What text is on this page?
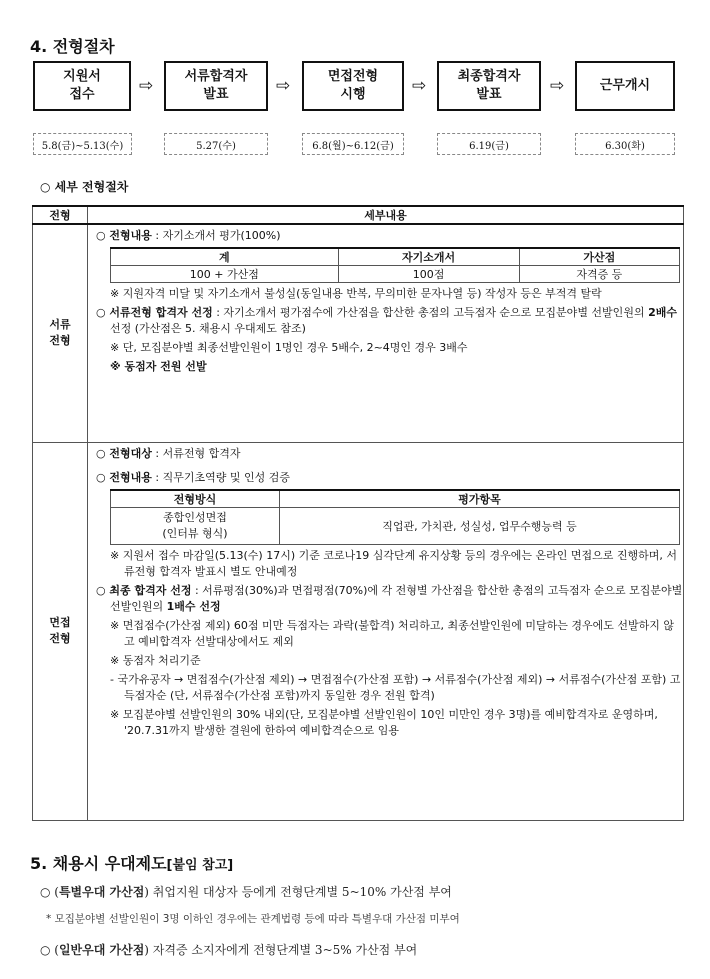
4. 전형절차
지원서
접수	⇨	서류합격자
발표	⇨	면접전형
시행	⇨	최종합격자
발표	⇨	근무개시
5.8(금)~5.13(수)	5.27(수)	6.8(월)~6.12(금)	6.19(금)	6.30(화)
○ 세부 전형절차
전형	세부내용
서류
전형	
○ 전형내용 : 자기소개서 평가(100%)
계	자기소개서	가산점
100 + 가산점	100점	자격증 등
※ 지원자격 미달 및 자기소개서 불성실(동일내용 반복, 무의미한 문자나열 등) 작성자 등은 부적격 탈락
○ 서류전형 합격자 선정 : 자기소개서 평가점수에 가산점을 합산한 총점의 고득점자 순으로 모집분야별 선발인원의 2배수 선정 (가산점은 5. 채용시 우대제도 참조)
※ 단, 모집분야별 최종선발인원이 1명인 경우 5배수, 2~4명인 경우 3배수
※ 동점자 전원 선발

면접
전형	
○ 전형대상 : 서류전형 합격자
○ 전형내용 : 직무기초역량 및 인성 검증
전형방식	평가항목
종합인성면접
(인터뷰 형식)	직업관, 가치관, 성실성, 업무수행능력 등
※ 지원서 접수 마감일(5.13(수) 17시) 기준 코로나19 심각단계 유지상황 등의 경우에는 온라인 면접으로 진행하며, 서류전형 합격자 발표시 별도 안내예정
○ 최종 합격자 선정 : 서류평점(30%)과 면접평점(70%)에 각 전형별 가산점을 합산한 총점의 고득점자 순으로 모집분야별 선발인원의 1배수 선정
※ 면접점수(가산점 제외) 60점 미만 득점자는 과락(불합격) 처리하고, 최종선발인원에 미달하는 경우에도 선발하지 않고 예비합격자 선발대상에서도 제외
※ 동점자 처리기준
- 국가유공자 → 면접점수(가산점 제외) → 면접점수(가산점 포함) → 서류점수(가산점 제외) → 서류점수(가산점 포함) 고득점자순 (단, 서류점수(가산점 포함)까지 동일한 경우 전원 합격)
※ 모집분야별 선발인원의 30% 내외(단, 모집분야별 선발인원이 10인 미만인 경우 3명)를 예비합격자로 운영하며, '20.7.31까지 발생한 결원에 한하여 예비합격순으로 임용
5. 채용시 우대제도[붙임 참고]
○ (특별우대 가산점) 취업지원 대상자 등에게 전형단계별 5~10% 가산점 부여
* 모집분야별 선발인원이 3명 이하인 경우에는 관계법령 등에 따라 특별우대 가산점 미부여
○ (일반우대 가산점) 자격증 소지자에게 전형단계별 3~5% 가산점 부여
